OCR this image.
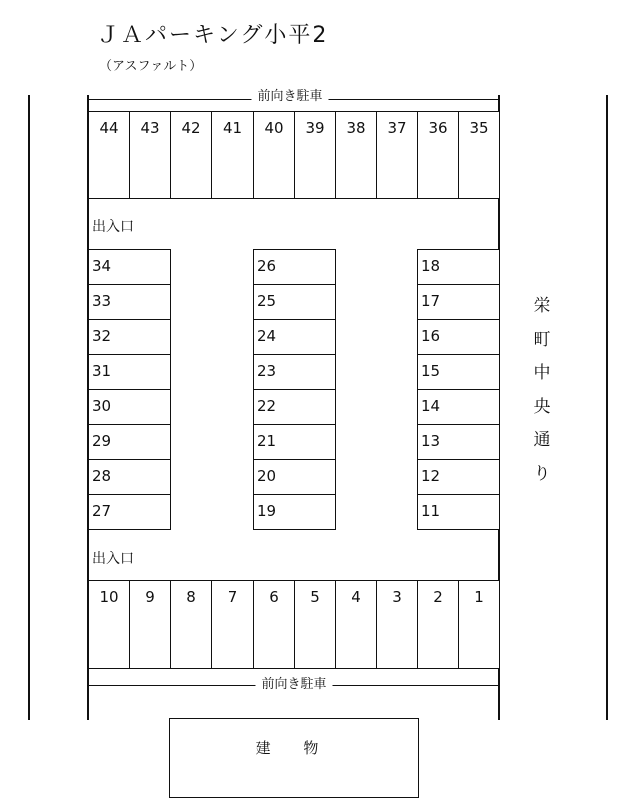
ＪＡパーキング小平2
（アスファルト）
前向き駐車
前向き駐車
44	43	42	41	40	39	38	37	36	35
出入口
34
33
32
31
30
29
28
27
26
25
24
23
22
21
20
19
18
17
16
15
14
13
12
11
出入口
10	9	8	7	6	5	4	3	2	1
栄
町
中
央
通
り
建 物
